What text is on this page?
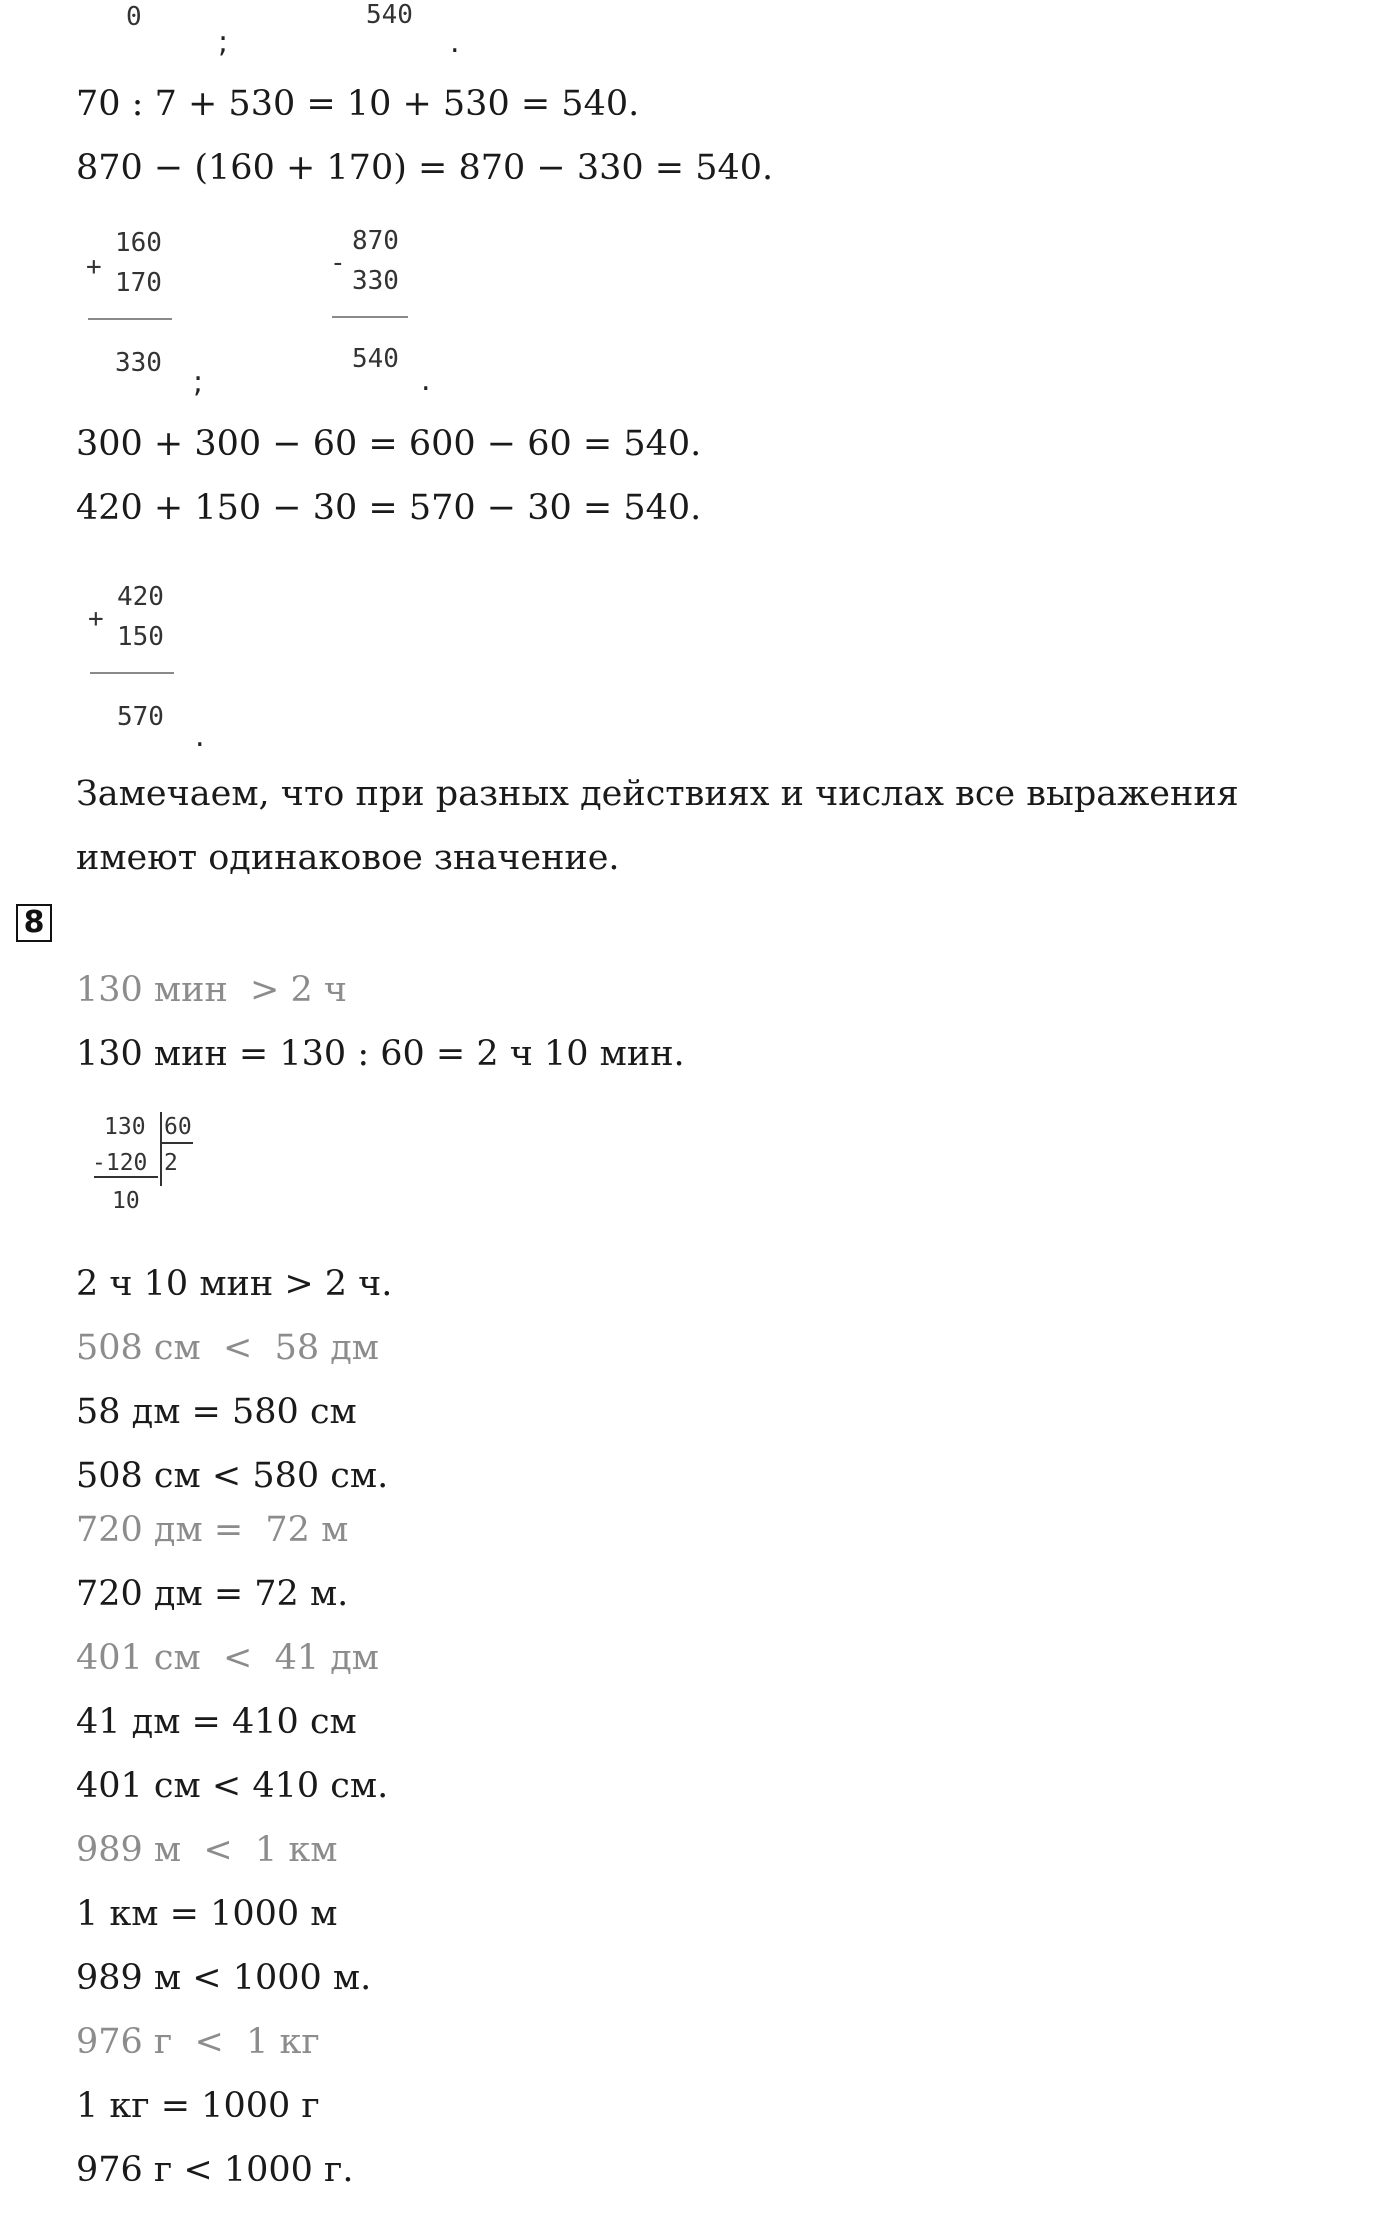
0
;
540
.
70 : 7 + 530 = 10 + 530 = 540.
870 − (160 + 170) = 870 − 330 = 540.
+
160
170
330
;
-
870
330
540
.
300 + 300 − 60 = 600 − 60 = 540.
420 + 150 − 30 = 570 − 30 = 540.
+
420
150
570
.
Замечаем, что при разных действиях и числах все выражения
имеют одинаковое значение.
8
130 мин  > 2 ч
130 мин = 130 : 60 = 2 ч 10 мин.
130 60
-120 2
10
2 ч 10 мин > 2 ч.
508 см  <  58 дм
58 дм = 580 см
508 см < 580 см.
720 дм =  72 м
720 дм = 72 м.
401 см  <  41 дм
41 дм = 410 см
401 см < 410 см.
989 м  <  1 км
1 км = 1000 м
989 м < 1000 м.
976 г  <  1 кг
1 кг = 1000 г
976 г < 1000 г.
